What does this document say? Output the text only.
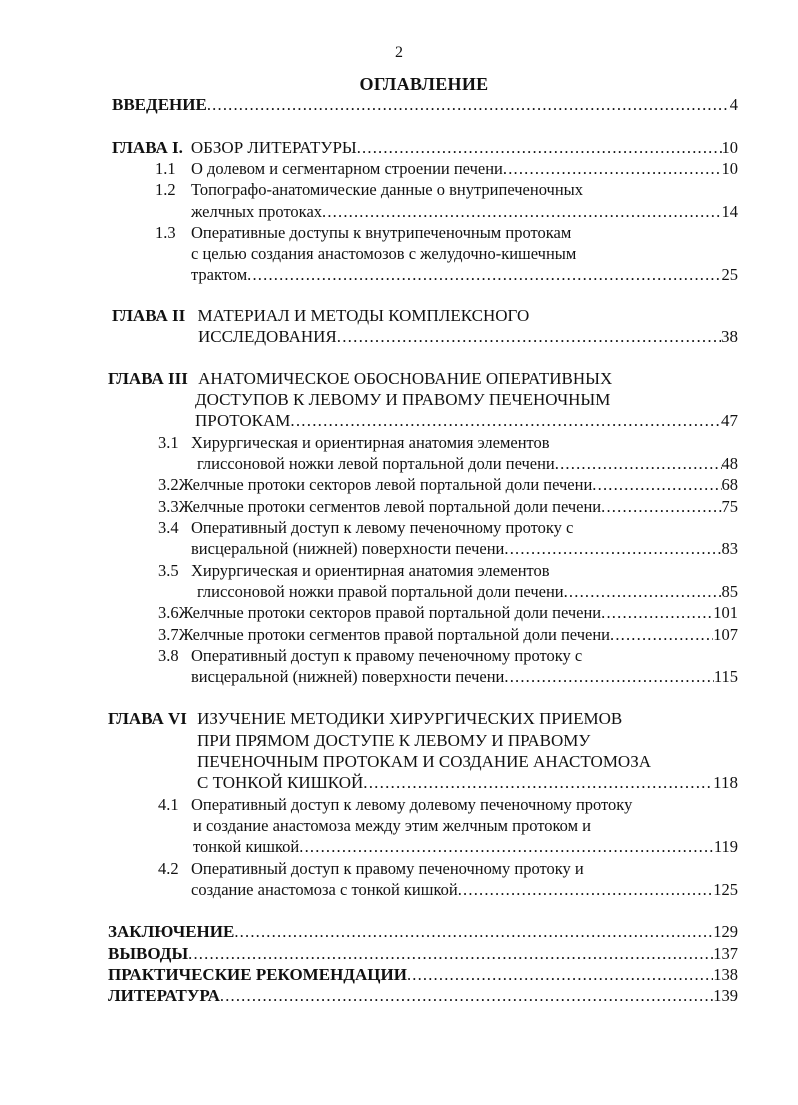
2
ОГЛАВЛЕНИЕ
ВВЕДЕНИЕ .....	4
ГЛАВА I. ОБЗОР ЛИТЕРАТУРЫ .....	10
1.1 О долевом и сегментарном строении печени .....	10
1.2 Топографо-анатомические данные о внутрипеченочных
желчных протоках .....	14
1.3 Оперативные доступы к внутрипеченочным протокам
с целью создания анастомозов с желудочно-кишечным
трактом .....	25
ГЛАВА II МАТЕРИАЛ И МЕТОДЫ КОМПЛЕКСНОГО
ИССЛЕДОВАНИЯ .....	38
ГЛАВА III АНАТОМИЧЕСКОЕ ОБОСНОВАНИЕ ОПЕРАТИВНЫХ
ДОСТУПОВ К ЛЕВОМУ И ПРАВОМУ ПЕЧЕНОЧНЫМ
ПРОТОКАМ .....	47
3.1 Хирургическая и ориентирная анатомия элементов
глиссоновой ножки левой портальной доли печени .....	48
3.2 Желчные протоки секторов левой портальной доли печени .....	68
3.3 Желчные протоки сегментов левой портальной доли печени .....	75
3.4 Оперативный доступ к левому печеночному протоку с
висцеральной (нижней) поверхности печени .....	83
3.5 Хирургическая и ориентирная анатомия элементов
глиссоновой ножки правой портальной доли печени .....	85
3.6 Желчные протоки секторов правой портальной доли печени .....	101
3.7 Желчные протоки сегментов правой портальной доли печени .....	107
3.8 Оперативный доступ к правому печеночному протоку с
висцеральной (нижней) поверхности печени .....	115
ГЛАВА VI ИЗУЧЕНИЕ МЕТОДИКИ ХИРУРГИЧЕСКИХ ПРИЕМОВ
ПРИ ПРЯМОМ ДОСТУПЕ К ЛЕВОМУ И ПРАВОМУ
ПЕЧЕНОЧНЫМ ПРОТОКАМ И СОЗДАНИЕ АНАСТОМОЗА
С ТОНКОЙ КИШКОЙ .....	118
4.1 Оперативный доступ к левому долевому печеночному протоку
и создание анастомоза между этим желчным протоком и
тонкой кишкой .....	119
4.2 Оперативный доступ к правому печеночному протоку и
создание анастомоза с тонкой кишкой .....	125
ЗАКЛЮЧЕНИЕ .....	129
ВЫВОДЫ .....	137
ПРАКТИЧЕСКИЕ РЕКОМЕНДАЦИИ .....	138
ЛИТЕРАТУРА .....	139
